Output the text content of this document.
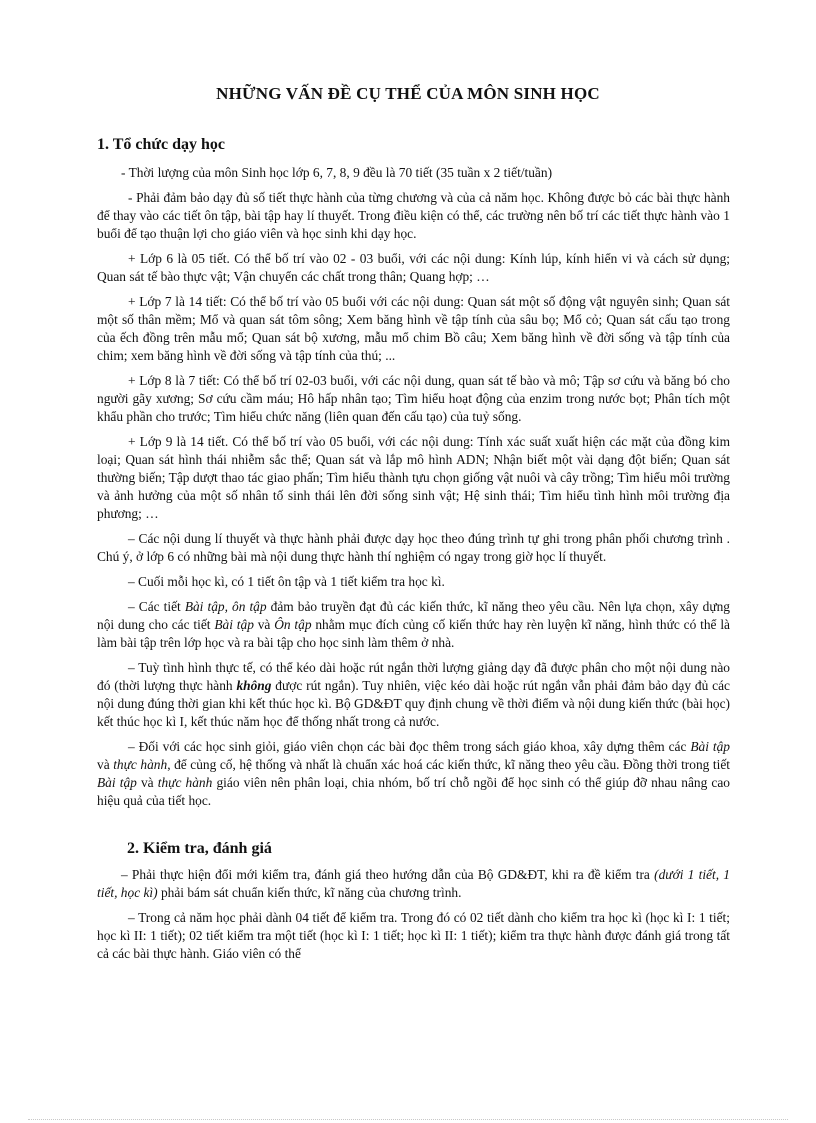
NHỮNG VẤN ĐỀ CỤ THỂ CỦA MÔN SINH HỌC
1. Tổ chức dạy học

- Thời lượng của môn Sinh học lớp 6, 7, 8, 9 đều là 70 tiết (35 tuần x 2 tiết/tuần)

- Phải đảm bảo dạy đủ số tiết thực hành của từng chương và của cả năm học. Không được bỏ các bài thực hành để thay vào các tiết ôn tập, bài tập hay lí thuyết. Trong điều kiện có thể, các trường nên bố trí các tiết thực hành vào 1 buổi để tạo thuận lợi cho giáo viên và học sinh khi dạy học.

+ Lớp 6 là 05 tiết. Có thể bố trí vào 02 - 03 buổi, với các nội dung: Kính lúp, kính hiển vi và cách sử dụng; Quan sát tế bào thực vật; Vận chuyển các chất trong thân; Quang hợp; …

+ Lớp 7 là 14 tiết: Có thể bố trí vào 05 buổi với các nội dung: Quan sát một số động vật nguyên sinh; Quan sát một số thân mềm; Mổ và quan sát tôm sông; Xem băng hình về tập tính của sâu bọ; Mổ cỏ; Quan sát cấu tạo trong của ếch đồng trên mẫu mổ; Quan sát bộ xương, mẫu mổ chim Bồ câu; Xem băng hình về đời sống và tập tính của chim; xem băng hình về đời sống và tập tính của thú; ...

+ Lớp 8 là 7 tiết: Có thể bố trí 02-03 buổi, với các nội dung, quan sát tế bào và mô; Tập sơ cứu và băng bó cho người gãy xương; Sơ cứu cầm máu; Hô hấp nhân tạo; Tìm hiểu hoạt động của enzim trong nước bọt; Phân tích một khẩu phần cho trước; Tìm hiểu chức năng (liên quan đến cấu tạo) của tuỷ sống.

+ Lớp 9 là 14 tiết. Có thể bố trí vào 05 buổi, với các nội dung: Tính xác suất xuất hiện các mặt của đồng kim loại; Quan sát hình thái nhiễm sắc thể; Quan sát và lắp mô hình ADN; Nhận biết một vài dạng đột biến; Quan sát thường biến; Tập dượt thao tác giao phấn; Tìm hiểu thành tựu chọn giống vật nuôi và cây trồng; Tìm hiểu môi trường và ảnh hưởng của một số nhân tố sinh thái lên đời sống sinh vật; Hệ sinh thái; Tìm hiểu tình hình môi trường địa phương; …

– Các nội dung lí thuyết và thực hành phải được dạy học theo đúng trình tự ghi trong phân phối chương trình . Chú ý, ở lớp 6 có những bài mà nội dung thực hành thí nghiệm có ngay trong giờ học lí thuyết.

– Cuối mỗi học kì, có 1 tiết ôn tập và 1 tiết kiểm tra học kì.

– Các tiết Bài tập, ôn tập đảm bảo truyền đạt đủ các kiến thức, kĩ năng theo yêu cầu. Nên lựa chọn, xây dựng nội dung cho các tiết Bài tập và Ôn tập nhằm mục đích củng cố kiến thức hay rèn luyện kĩ năng, hình thức có thể là làm bài tập trên lớp học và ra bài tập cho học sinh làm thêm ở nhà.

– Tuỳ tình hình thực tế, có thể kéo dài hoặc rút ngắn thời lượng giảng dạy đã được phân cho một nội dung nào đó (thời lượng thực hành không được rút ngắn). Tuy nhiên, việc kéo dài hoặc rút ngắn vẫn phải đảm bảo dạy đủ các nội dung đúng thời gian khi kết thúc học kì. Bộ GD&ĐT quy định chung về thời điểm và nội dung kiến thức (bài học) kết thúc học kì I, kết thúc năm học để thống nhất trong cả nước.

– Đối với các học sinh giỏi, giáo viên chọn các bài đọc thêm trong sách giáo khoa, xây dựng thêm các Bài tập và thực hành, để củng cố, hệ thống và nhất là chuẩn xác hoá các kiến thức, kĩ năng theo yêu cầu. Đồng thời trong tiết Bài tập và thực hành giáo viên nên phân loại, chia nhóm, bố trí chỗ ngồi để học sinh có thể giúp đỡ nhau nâng cao hiệu quả của tiết học.

2. Kiểm tra, đánh giá

– Phải thực hiện đổi mới kiểm tra, đánh giá theo hướng dẫn của Bộ GD&ĐT, khi ra đề kiểm tra (dưới 1 tiết, 1 tiết, học kì) phải bám sát chuẩn kiến thức, kĩ năng của chương trình.

– Trong cả năm học phải dành 04 tiết để kiểm tra. Trong đó có 02 tiết dành cho kiểm tra học kì (học kì I: 1 tiết; học kì II: 1 tiết); 02 tiết kiểm tra một tiết (học kì I: 1 tiết; học kì II: 1 tiết); kiểm tra thực hành được đánh giá trong tất cả các bài thực hành. Giáo viên có thể
